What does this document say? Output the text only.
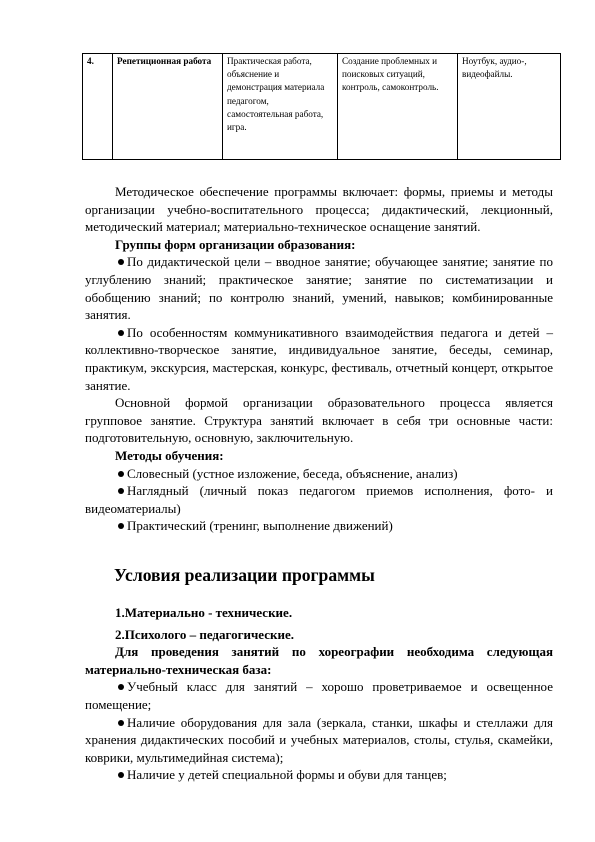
4.	Репетиционная работа	Практическая работа, объяснение и демонстрация материала педагогом, самостоятельная работа, игра.	Создание проблемных и поисковых ситуаций, контроль, самоконтроль.	Ноутбук, аудио-, видеофайлы.

Методическое обеспечение программы включает: формы, приемы и методы организации учебно-воспитательного процесса; дидактический, лекционный, методический материал; материально-техническое оснащение занятий.

Группы форм организации образования:

По дидактической цели – вводное занятие; обучающее занятие; занятие по углублению знаний; практическое занятие; занятие по систематизации и обобщению знаний; по контролю знаний, умений, навыков; комбинированные занятия.

По особенностям коммуникативного взаимодействия педагога и детей – коллективно-творческое занятие, индивидуальное занятие, беседы, семинар, практикум, экскурсия, мастерская, конкурс, фестиваль, отчетный концерт, открытое занятие.

Основной формой организации образовательного процесса является групповое занятие. Структура занятий включает в себя три основные части: подготовительную, основную, заключительную.

Методы обучения:

Словесный (устное изложение, беседа, объяснение, анализ)

Наглядный (личный показ педагогом приемов исполнения, фото- и видеоматериалы)

Практический (тренинг, выполнение движений)

Условия реализации программы

1.Материально - технические.

2.Психолого – педагогические.

Для проведения занятий по хореографии необходима следующая материально-техническая база:

Учебный класс для занятий – хорошо проветриваемое и освещенное помещение;

Наличие оборудования для зала (зеркала, станки, шкафы и стеллажи для хранения дидактических пособий и учебных материалов, столы, стулья, скамейки, коврики, мультимедийная система);

Наличие у детей специальной формы и обуви для танцев;
